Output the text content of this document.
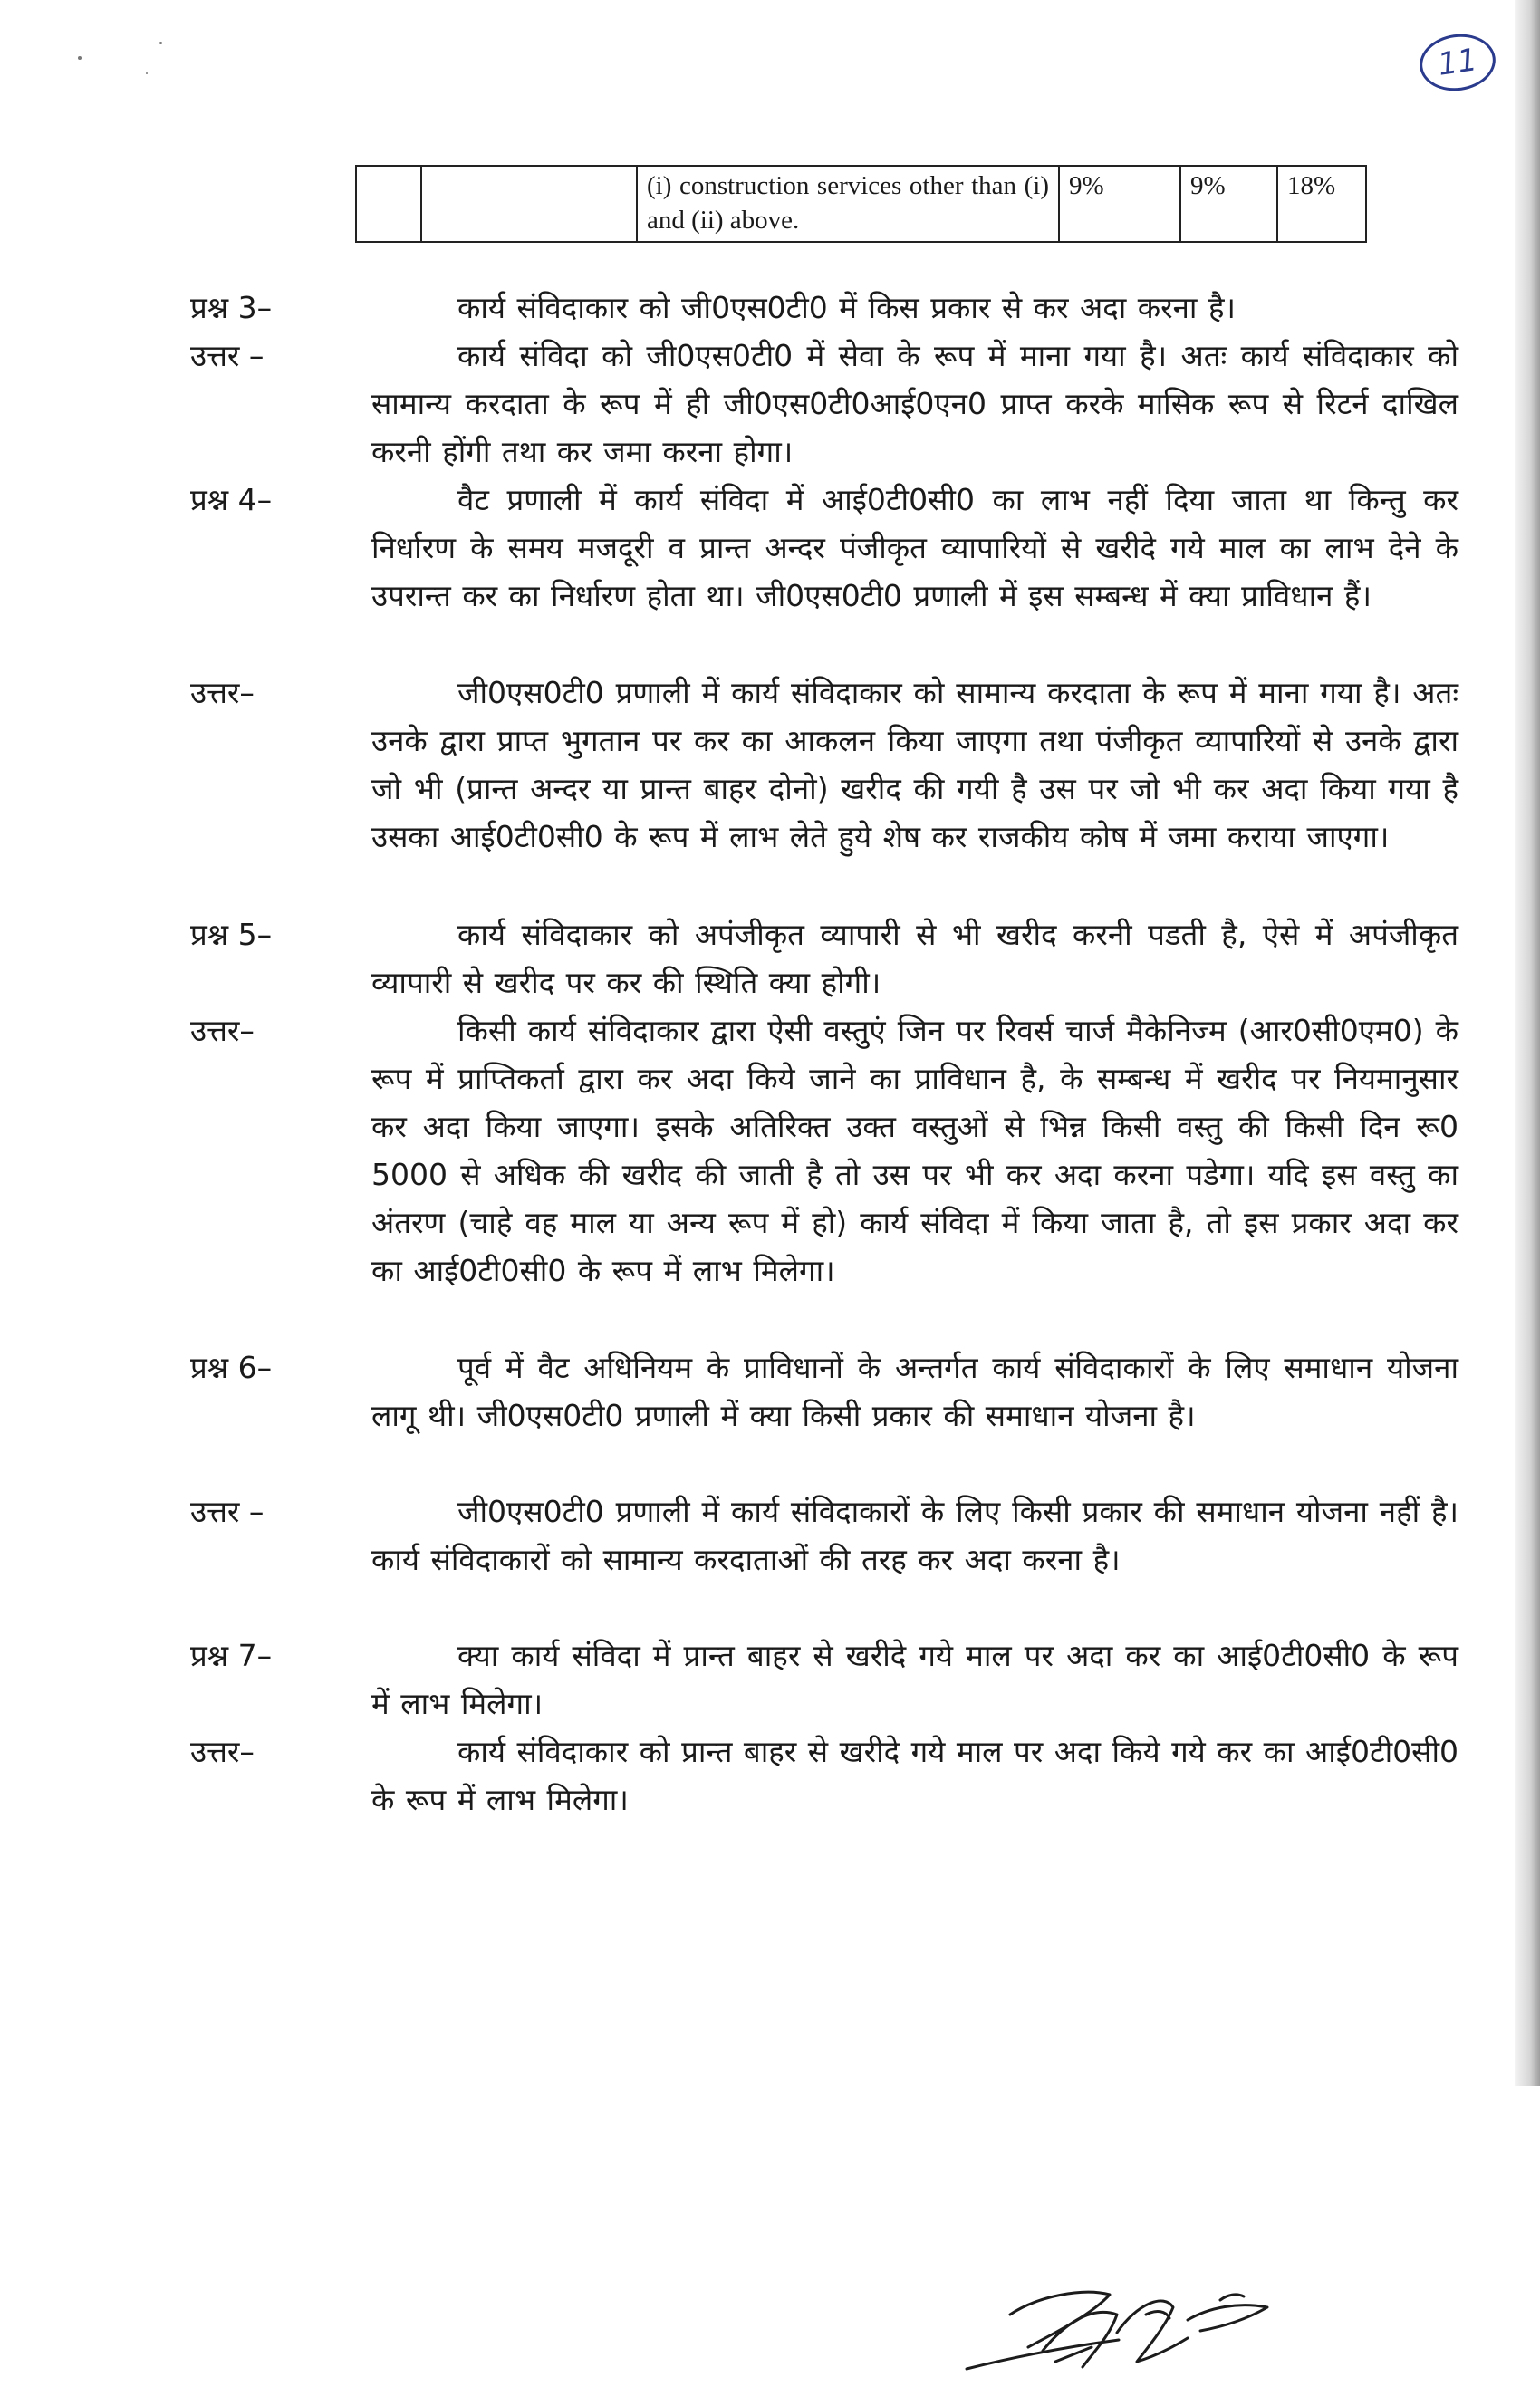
11
		(i) construction services other than (i) and (ii) above.	9%	9%	18%
प्रश्न 3–	कार्य संविदाकार को जी0एस0टी0 में किस प्रकार से कर अदा करना है।
उत्तर –	कार्य संविदा को जी0एस0टी0 में सेवा के रूप में माना गया है। अतः कार्य संविदाकार को सामान्य करदाता के रूप में ही जी0एस0टी0आई0एन0 प्राप्त करके मासिक रूप से रिटर्न दाखिल करनी होंगी तथा कर जमा करना होगा।
प्रश्न 4–	वैट प्रणाली में कार्य संविदा में आई0टी0सी0 का लाभ नहीं दिया जाता था किन्तु कर निर्धारण के समय मजदूरी व प्रान्त अन्दर पंजीकृत व्यापारियों से खरीदे गये माल का लाभ देने के उपरान्त कर का निर्धारण होता था। जी0एस0टी0 प्रणाली में इस सम्बन्ध में क्या प्राविधान हैं।
उत्तर–	जी0एस0टी0 प्रणाली में कार्य संविदाकार को सामान्य करदाता के रूप में माना गया है। अतः उनके द्वारा प्राप्त भुगतान पर कर का आकलन किया जाएगा तथा पंजीकृत व्यापारियों से उनके द्वारा जो भी (प्रान्त अन्दर या प्रान्त बाहर दोनो) खरीद की गयी है उस पर जो भी कर अदा किया गया है उसका आई0टी0सी0 के रूप में लाभ लेते हुये शेष कर राजकीय कोष में जमा कराया जाएगा।
प्रश्न 5–	कार्य संविदाकार को अपंजीकृत व्यापारी से भी खरीद करनी पडती है, ऐसे में अपंजीकृत व्यापारी से खरीद पर कर की स्थिति क्या होगी।
उत्तर–	किसी कार्य संविदाकार द्वारा ऐसी वस्तुएं जिन पर रिवर्स चार्ज मैकेनिज्म (आर0सी0एम0) के रूप में प्राप्तिकर्ता द्वारा कर अदा किये जाने का प्राविधान है, के सम्बन्ध में खरीद पर नियमानुसार कर अदा किया जाएगा। इसके अतिरिक्त उक्त वस्तुओं से भिन्न किसी वस्तु की किसी दिन रू0 5000 से अधिक की खरीद की जाती है तो उस पर भी कर अदा करना पडेगा। यदि इस वस्तु का अंतरण (चाहे वह माल या अन्य रूप में हो) कार्य संविदा में किया जाता है, तो इस प्रकार अदा कर का आई0टी0सी0 के रूप में लाभ मिलेगा।
प्रश्न 6–	पूर्व में वैट अधिनियम के प्राविधानों के अन्तर्गत कार्य संविदाकारों के लिए समाधान योजना लागू थी। जी0एस0टी0 प्रणाली में क्या किसी प्रकार की समाधान योजना है।
उत्तर –	जी0एस0टी0 प्रणाली में कार्य संविदाकारों के लिए किसी प्रकार की समाधान योजना नहीं है। कार्य संविदाकारों को सामान्य करदाताओं की तरह कर अदा करना है।
प्रश्न 7–	क्या कार्य संविदा में प्रान्त बाहर से खरीदे गये माल पर अदा कर का आई0टी0सी0 के रूप में लाभ मिलेगा।
उत्तर–	कार्य संविदाकार को प्रान्त बाहर से खरीदे गये माल पर अदा किये गये कर का आई0टी0सी0 के रूप में लाभ मिलेगा।
